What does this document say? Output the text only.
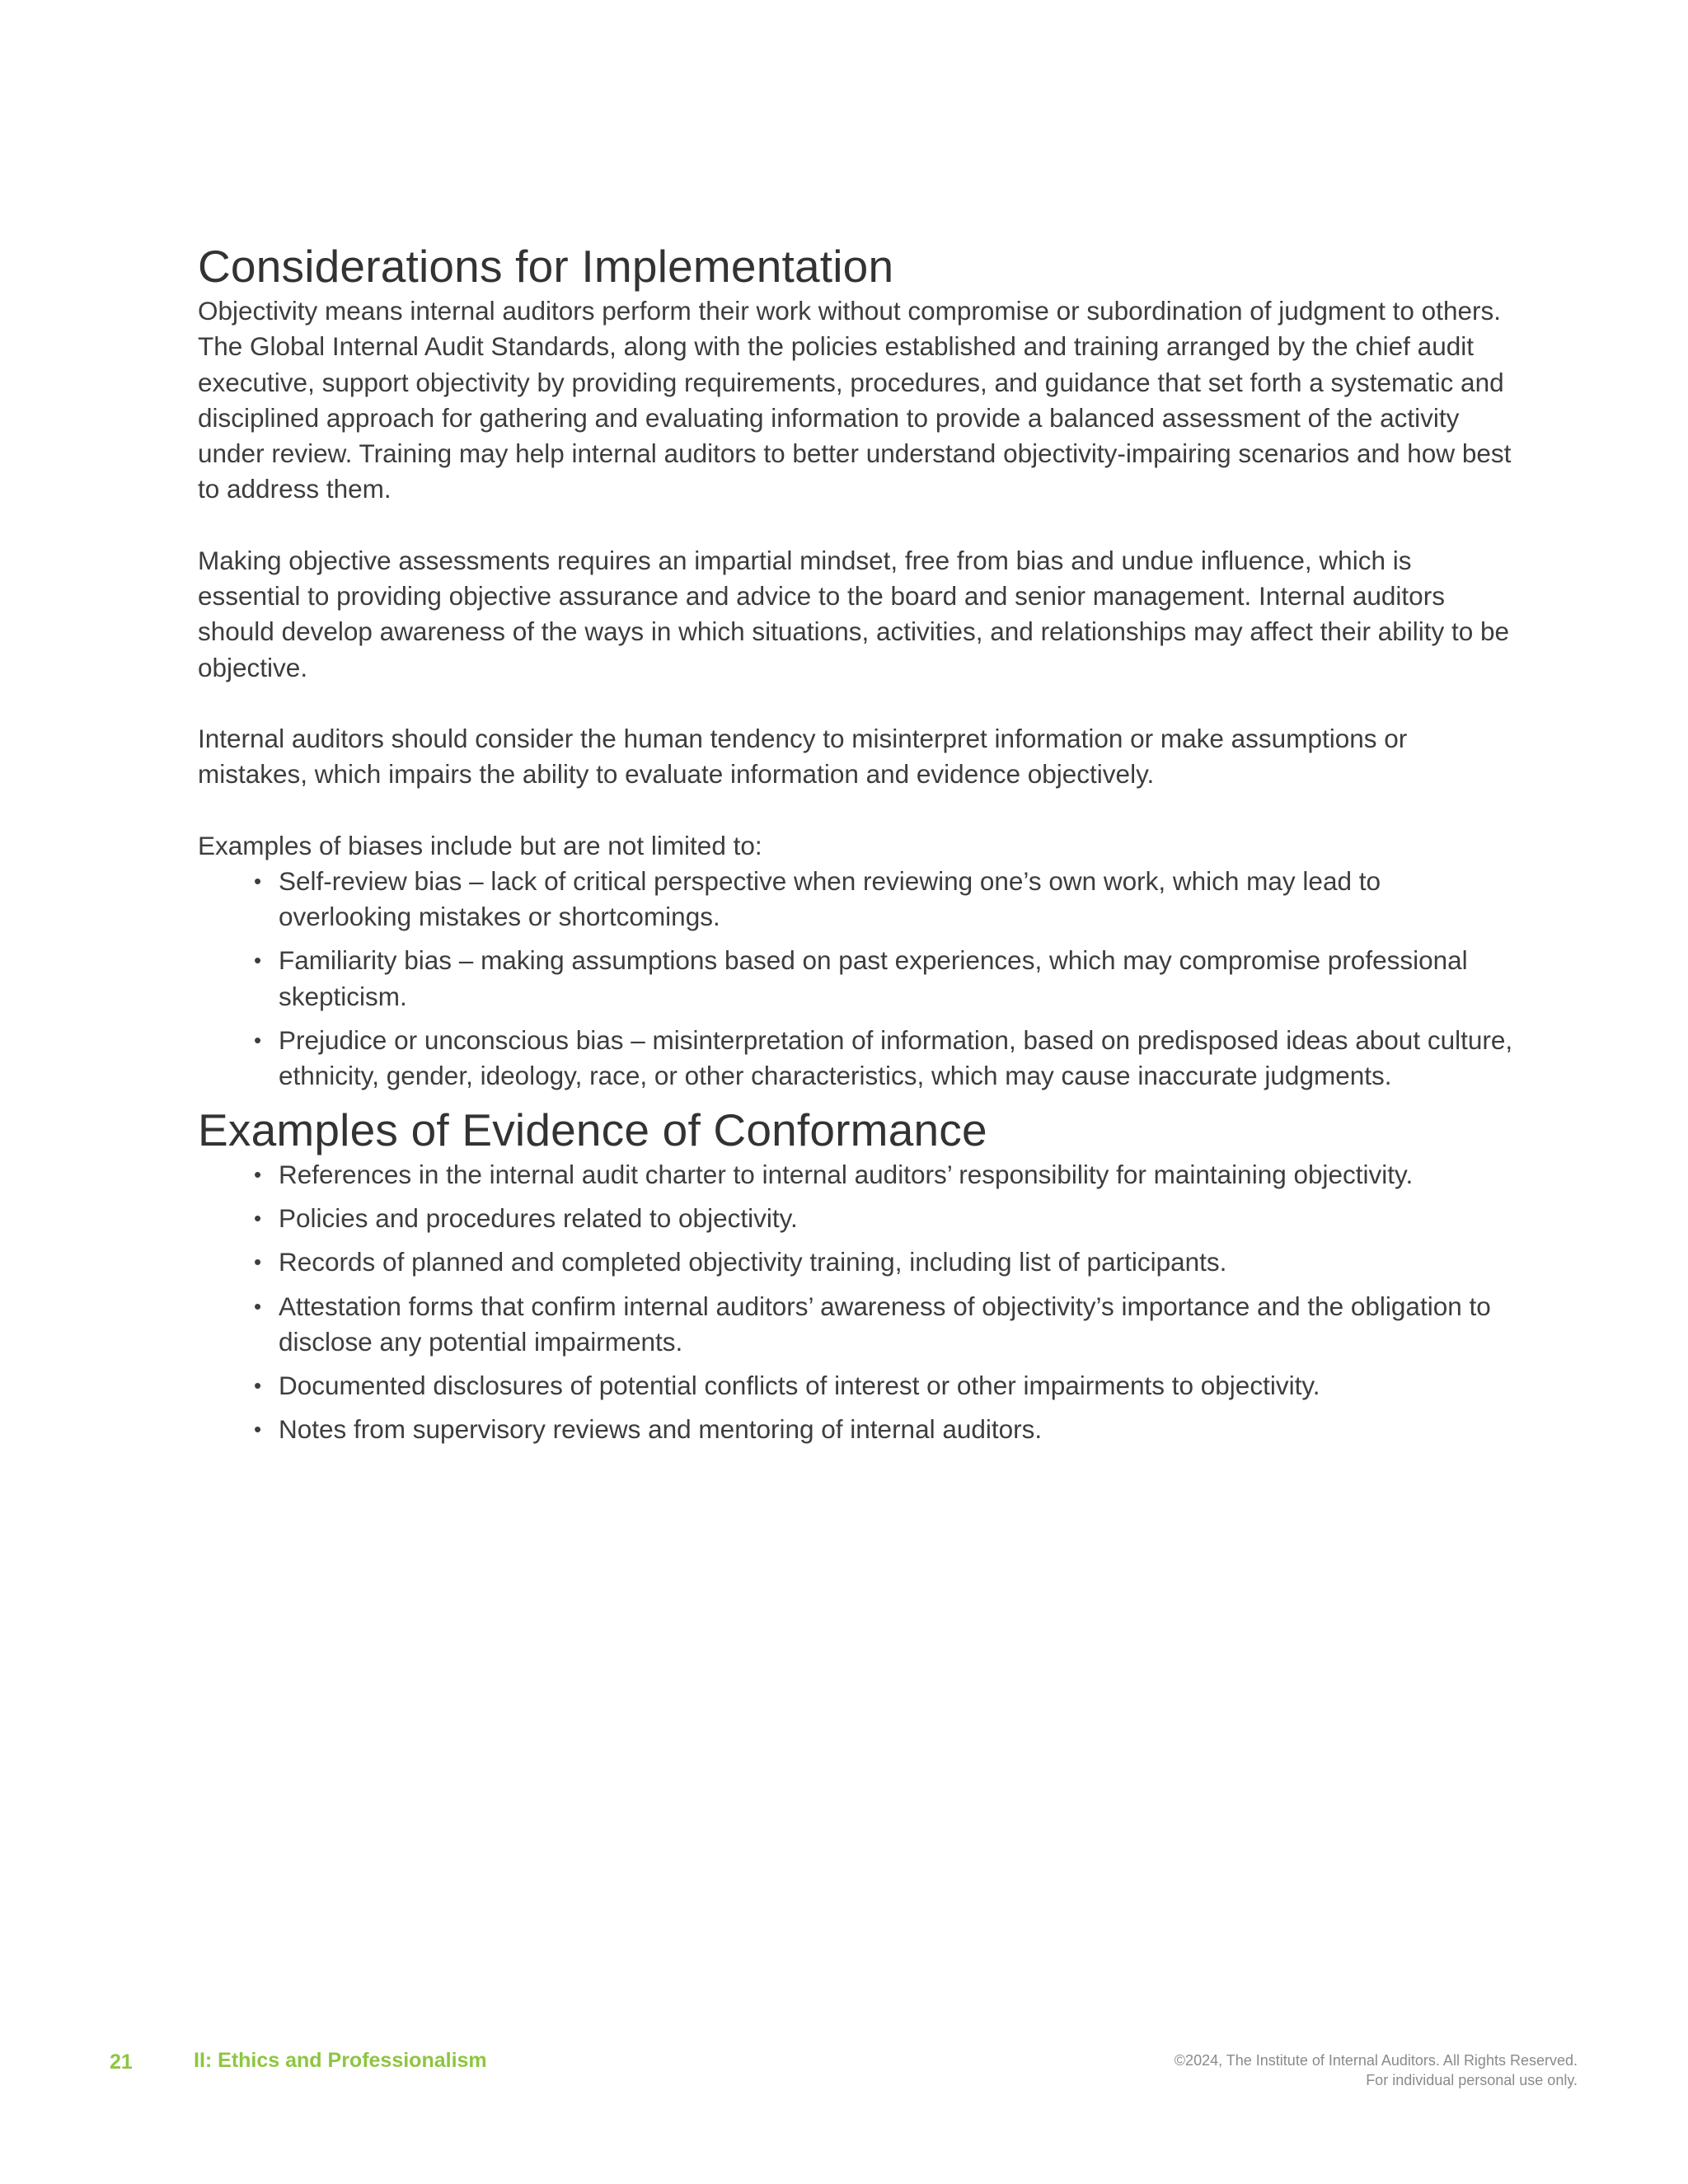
Considerations for Implementation

Objectivity means internal auditors perform their work without compromise or subordination of judgment to others. The Global Internal Audit Standards, along with the policies established and training arranged by the chief audit executive, support objectivity by providing requirements, procedures, and guidance that set forth a systematic and disciplined approach for gathering and evaluating information to provide a balanced assessment of the activity under review. Training may help internal auditors to better understand objectivity-impairing scenarios and how best to address them.

Making objective assessments requires an impartial mindset, free from bias and undue influence, which is essential to providing objective assurance and advice to the board and senior management. Internal auditors should develop awareness of the ways in which situations, activities, and relationships may affect their ability to be objective.

Internal auditors should consider the human tendency to misinterpret information or make assumptions or mistakes, which impairs the ability to evaluate information and evidence objectively.

Examples of biases include but are not limited to:

• Self-review bias – lack of critical perspective when reviewing one’s own work, which may lead to overlooking mistakes or shortcomings.
• Familiarity bias – making assumptions based on past experiences, which may compromise professional skepticism.
• Prejudice or unconscious bias – misinterpretation of information, based on predisposed ideas about culture, ethnicity, gender, ideology, race, or other characteristics, which may cause inaccurate judgments.
Examples of Evidence of Conformance
• References in the internal audit charter to internal auditors’ responsibility for maintaining objectivity.
• Policies and procedures related to objectivity.
• Records of planned and completed objectivity training, including list of participants.
• Attestation forms that confirm internal auditors’ awareness of objectivity’s importance and the obligation to disclose any potential impairments.
• Documented disclosures of potential conflicts of interest or other impairments to objectivity.
• Notes from supervisory reviews and mentoring of internal auditors.
21	II: Ethics and Professionalism	©2024, The Institute of Internal Auditors. All Rights Reserved.
For individual personal use only.
